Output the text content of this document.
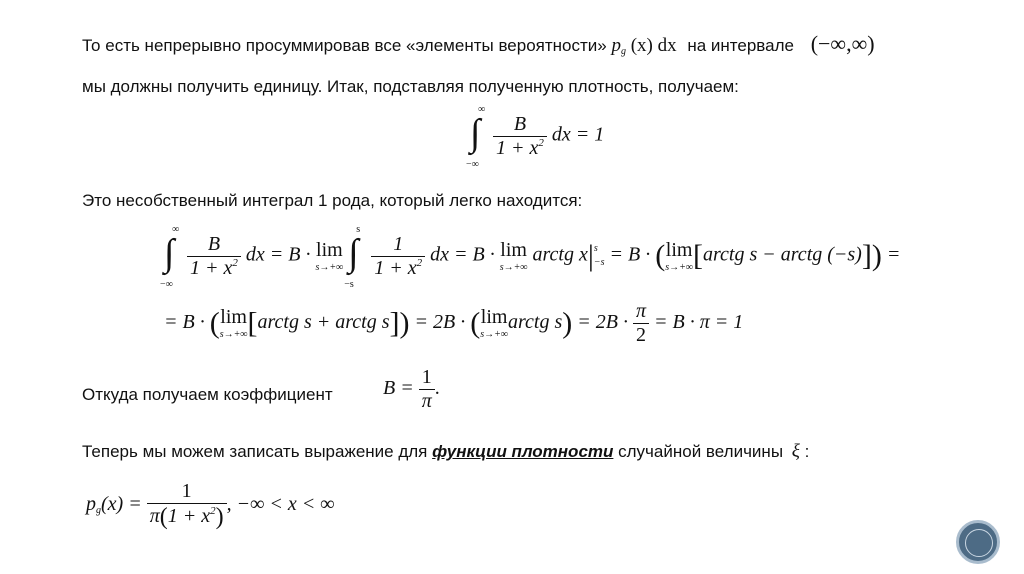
То есть непрерывно просуммировав все «элементы вероятности» $p_g$ (x) dx на интервале (−∞,∞)
мы должны получить единицу. Итак, подставляя полученную плотность, получаем:
∫
∞
−∞

$\frac{B}{1 + x^2}$ dx = 1
Это несобственный интеграл 1 рода, который легко находится:
∫
∞
−∞

$\frac{B}{1 + x^2}$ dx = B · lim
s→+∞
∫
s
−s

$\frac{1}{1 + x^2}$ dx = B · lim
s→+∞
arctg x| s
−s = B · ( lim
s→+∞ [arctg s − arctg (−s)]) =
= B · ( lim
s→+∞ [arctg s + arctg s]) = 2B · ( lim
s→+∞
arctg $s) = 2B \cdot \frac{\pi}{2} = B \cdot \pi = 1$
Откуда получаем коэффициент	$B = \frac{1}{\pi}$ .
Теперь мы можем записать выражение для функции плотности случайной величины ξ :
$p_g(x) = \frac{1}{\pi(1 + x^2)}$ , −∞ < x < ∞
